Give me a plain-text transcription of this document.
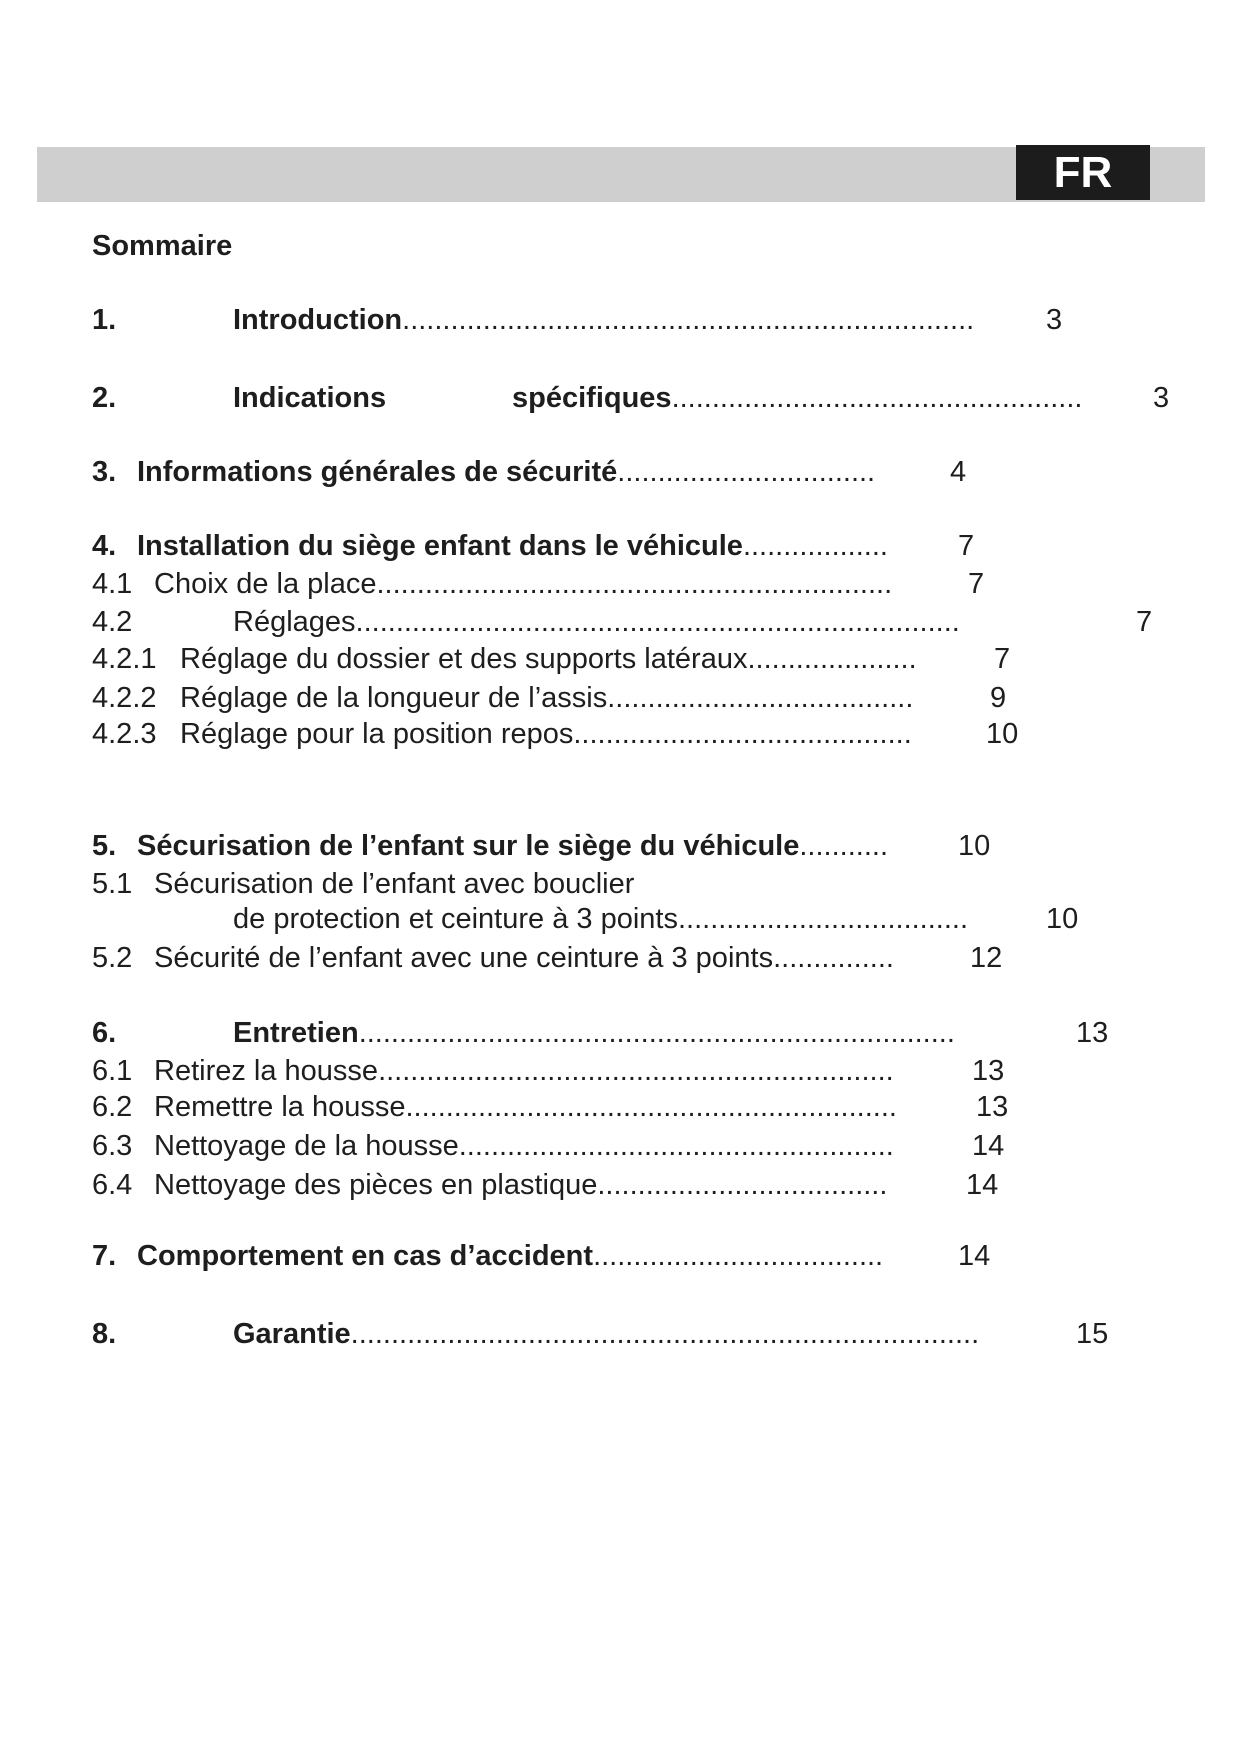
FR
Sommaire
1.	Introduction....................................................................... 3
2.	Indications	spécifiques................................................... 3
3. Informations générales de sécurité................................	4
4. Installation du siège enfant dans le véhicule.................. 7
4.1 Choix de la place................................................................	7
4.2	Réglages...........................................................................	7
4.2.1 Réglage du dossier et des supports latéraux.....................	7
4.2.2 Réglage de la longueur de l’assis......................................	9
4.2.3 Réglage pour la position repos..........................................	10
5. Sécurisation de l’enfant sur le siège du véhicule........... 10
5.1 Sécurisation de l’enfant avec bouclier
de protection et ceinture à 3 points....................................	10
5.2 Sécurité de l’enfant avec une ceinture à 3 points...............	12
6.	Entretien..........................................................................	13
6.1 Retirez la housse................................................................	13
6.2 Remettre la housse.............................................................	13
6.3 Nettoyage de la housse......................................................	14
6.4 Nettoyage des pièces en plastique....................................	14
7. Comportement en cas d’accident....................................	14
8.	Garantie..............................................................................	15
